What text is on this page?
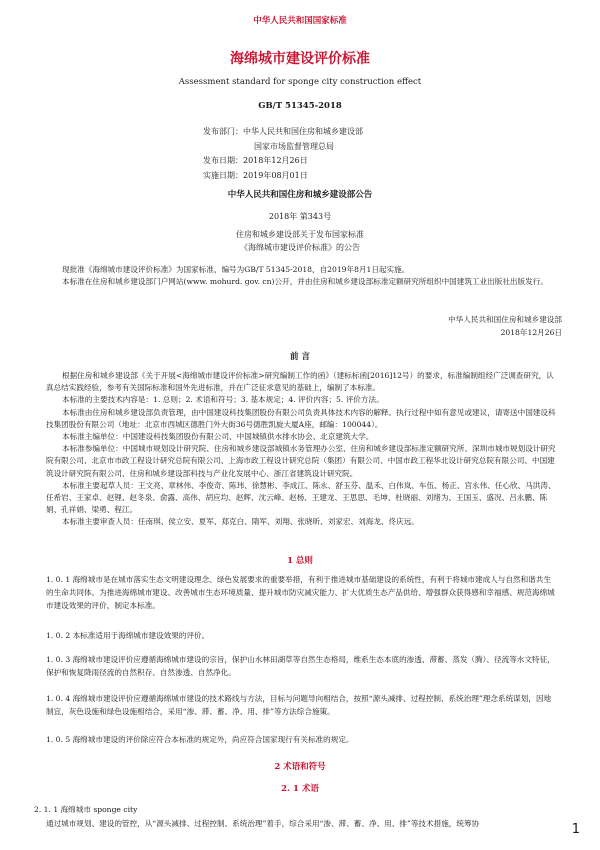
中华人民共和国国家标准
海绵城市建设评价标准
Assessment standard for sponge city construction effect
GB/T 51345-2018
发布部门：中华人民共和国住房和城乡建设部
国家市场监督管理总局
发布日期：2018年12月26日
实施日期：2019年08月01日
中华人民共和国住房和城乡建设部公告
2018年 第343号
住房和城乡建设部关于发布国家标准
《海绵城市建设评价标准》的公告

现批准《海绵城市建设评价标准》为国家标准，编号为GB/T 51345-2018，自2019年8月1日起实施。

本标准在住房和城乡建设部门户网站(www. mohurd. gov. cn)公开，并由住房和城乡建设部标准定额研究所组织中国建筑工业出版社出版发行。

中华人民共和国住房和城乡建设部
2018年12月26日
前 言

根据住房和城乡建设部《关于开展<海绵城市建设评价标准>研究编制工作的函》（建标标函[2016]12号）的要求，标准编制组经广泛调查研究，认真总结实践经验，参考有关国际标准和国外先进标准，并在广泛征求意见的基础上，编制了本标准。

本标准的主要技术内容是：1. 总则；2. 术语和符号；3. 基本规定；4. 评价内容；5. 评价方法。

本标准由住房和城乡建设部负责管理，由中国建设科技集团股份有限公司负责具体技术内容的解释。执行过程中如有意见或建议，请寄送中国建设科技集团股份有限公司（地址：北京市西城区德胜门外大街36号德胜凯旋大厦A座，邮编：100044）。

本标准主编单位：中国建设科技集团股份有限公司、中国城镇供水排水协会、北京建筑大学。

本标准参编单位：中国城市规划设计研究院、住房和城乡建设部城镇水务管理办公室、住房和城乡建设部标准定额研究所、深圳市城市规划设计研究院有限公司、北京市市政工程设计研究总院有限公司、上海市政工程设计研究总院（集团）有限公司、中国市政工程华北设计研究总院有限公司、中国建筑设计研究院有限公司、住房和城乡建设部科技与产业化发展中心、浙江省建筑设计研究院。

本标准主要起草人员：王文亮、章林伟、李俊奇、陈玮、徐慧彬、李成江、陈永、舒玉芬、温禾、白伟岚、车伍、杨正、宫永伟、任心欣、马洪涛、任希岩、王家卓、赵锂、赵冬泉、俞露、高伟、胡应均、赵辉、沈云峰、赵杨、王建龙、王思思、毛坤、杜晓丽、刘绪为、王国玉、盛况、吕永鹏、陈娟、孔祥娟、梁勇、程江。

本标准主要审查人员：任南琪、侯立安、夏军、郑克白、隋军、刘翔、张晓昕、刘家宏、刘海龙、佟庆远。

1 总则

1. 0. 1 海绵城市是在城市落实生态文明建设理念、绿色发展要求的重要举措，有利于推进城市基础建设的系统性，有利于将城市建成人与自然和谐共生的生命共同体。为推进海绵城市建设、改善城市生态环境质量、提升城市防灾减灾能力、扩大优质生态产品供给、增强群众获得感和幸福感、规范海绵城市建设效果的评价，制定本标准。

1. 0. 2 本标准适用于海绵城市建设效果的评价。

1. 0. 3 海绵城市建设评价应遵循海绵城市建设的宗旨，保护山水林田湖草等自然生态格局，维系生态本底的渗透、滞蓄、蒸发（腾）、径流等水文特征，保护和恢复降雨径流的自然积存、自然渗透、自然净化。

1. 0. 4 海绵城市建设评价应遵循海绵城市建设的技术路线与方法，目标与问题导向相结合，按照“源头减排、过程控制、系统治理”理念系统谋划，因地制宜，灰色设施和绿色设施相结合，采用“渗、滞、蓄、净、用、排”等方法综合施策。

1. 0. 5 海绵城市建设的评价除应符合本标准的规定外，尚应符合国家现行有关标准的规定。

2 术语和符号
2. 1 术语

2. 1. 1 海绵城市 sponge city

通过城市规划、建设的管控，从“源头减排、过程控制、系统治理”着手，综合采用“渗、滞、蓄、净、用、排”等技术措施，统筹协	1
